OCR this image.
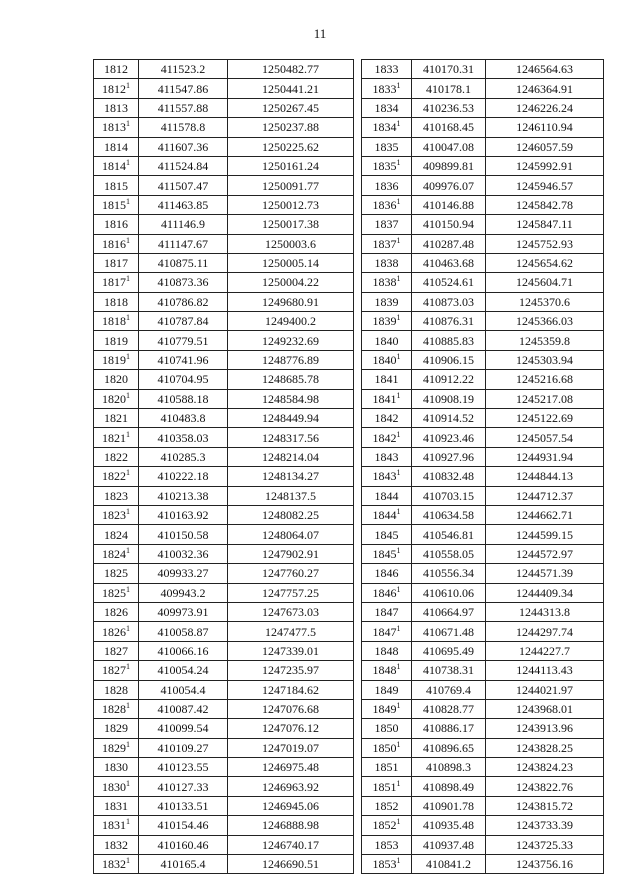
11
1812	411523.2	1250482.77
1812$^1$	411547.86	1250441.21
1813	411557.88	1250267.45
1813$^1$	411578.8	1250237.88
1814	411607.36	1250225.62
1814$^1$	411524.84	1250161.24
1815	411507.47	1250091.77
1815$^1$	411463.85	1250012.73
1816	411146.9	1250017.38
1816$^1$	411147.67	1250003.6
1817	410875.11	1250005.14
1817$^1$	410873.36	1250004.22
1818	410786.82	1249680.91
1818$^1$	410787.84	1249400.2
1819	410779.51	1249232.69
1819$^1$	410741.96	1248776.89
1820	410704.95	1248685.78
1820$^1$	410588.18	1248584.98
1821	410483.8	1248449.94
1821$^1$	410358.03	1248317.56
1822	410285.3	1248214.04
1822$^1$	410222.18	1248134.27
1823	410213.38	1248137.5
1823$^1$	410163.92	1248082.25
1824	410150.58	1248064.07
1824$^1$	410032.36	1247902.91
1825	409933.27	1247760.27
1825$^1$	409943.2	1247757.25
1826	409973.91	1247673.03
1826$^1$	410058.87	1247477.5
1827	410066.16	1247339.01
1827$^1$	410054.24	1247235.97
1828	410054.4	1247184.62
1828$^1$	410087.42	1247076.68
1829	410099.54	1247076.12
1829$^1$	410109.27	1247019.07
1830	410123.55	1246975.48
1830$^1$	410127.33	1246963.92
1831	410133.51	1246945.06
1831$^1$	410154.46	1246888.98
1832	410160.46	1246740.17
1832$^1$	410165.4	1246690.51
1833	410170.31	1246564.63
1833$^1$	410178.1	1246364.91
1834	410236.53	1246226.24
1834$^1$	410168.45	1246110.94
1835	410047.08	1246057.59
1835$^1$	409899.81	1245992.91
1836	409976.07	1245946.57
1836$^1$	410146.88	1245842.78
1837	410150.94	1245847.11
1837$^1$	410287.48	1245752.93
1838	410463.68	1245654.62
1838$^1$	410524.61	1245604.71
1839	410873.03	1245370.6
1839$^1$	410876.31	1245366.03
1840	410885.83	1245359.8
1840$^1$	410906.15	1245303.94
1841	410912.22	1245216.68
1841$^1$	410908.19	1245217.08
1842	410914.52	1245122.69
1842$^1$	410923.46	1245057.54
1843	410927.96	1244931.94
1843$^1$	410832.48	1244844.13
1844	410703.15	1244712.37
1844$^1$	410634.58	1244662.71
1845	410546.81	1244599.15
1845$^1$	410558.05	1244572.97
1846	410556.34	1244571.39
1846$^1$	410610.06	1244409.34
1847	410664.97	1244313.8
1847$^1$	410671.48	1244297.74
1848	410695.49	1244227.7
1848$^1$	410738.31	1244113.43
1849	410769.4	1244021.97
1849$^1$	410828.77	1243968.01
1850	410886.17	1243913.96
1850$^1$	410896.65	1243828.25
1851	410898.3	1243824.23
1851$^1$	410898.49	1243822.76
1852	410901.78	1243815.72
1852$^1$	410935.48	1243733.39
1853	410937.48	1243725.33
1853$^1$	410841.2	1243756.16
